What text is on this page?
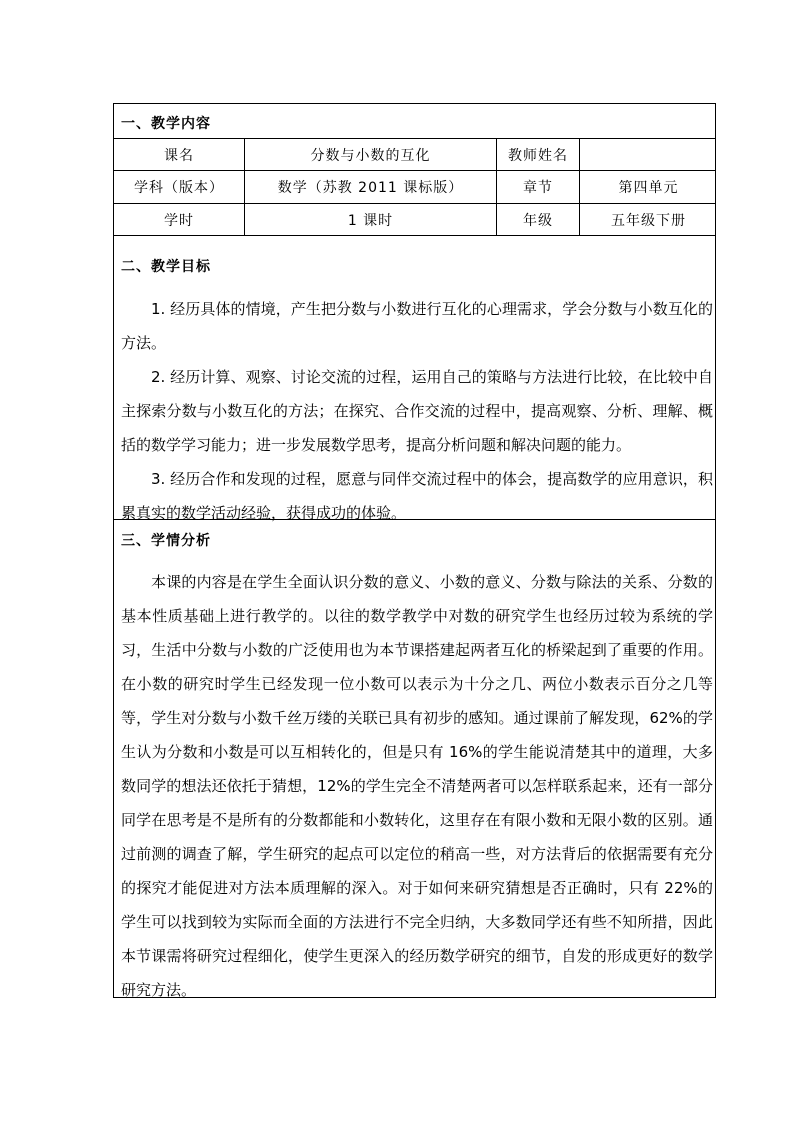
一、教学内容
课名	分数与小数的互化	教师姓名
学科（版本）	数学（苏教 2011 课标版）	章节	第四单元
学时	1 课时	年级	五年级下册
二、教学目标

1. 经历具体的情境，产生把分数与小数进行互化的心理需求，学会分数与小数互化的方法。

2. 经历计算、观察、讨论交流的过程，运用自己的策略与方法进行比较，在比较中自主探索分数与小数互化的方法；在探究、合作交流的过程中，提高观察、分析、理解、概括的数学学习能力；进一步发展数学思考，提高分析问题和解决问题的能力。

3. 经历合作和发现的过程，愿意与同伴交流过程中的体会，提高数学的应用意识，积累真实的数学活动经验，获得成功的体验。

三、学情分析

本课的内容是在学生全面认识分数的意义、小数的意义、分数与除法的关系、分数的基本性质基础上进行教学的。以往的数学教学中对数的研究学生也经历过较为系统的学习，生活中分数与小数的广泛使用也为本节课搭建起两者互化的桥梁起到了重要的作用。在小数的研究时学生已经发现一位小数可以表示为十分之几、两位小数表示百分之几等等，学生对分数与小数千丝万缕的关联已具有初步的感知。通过课前了解发现，62%的学生认为分数和小数是可以互相转化的，但是只有 16%的学生能说清楚其中的道理，大多数同学的想法还依托于猜想，12%的学生完全不清楚两者可以怎样联系起来，还有一部分同学在思考是不是所有的分数都能和小数转化，这里存在有限小数和无限小数的区别。通过前测的调查了解，学生研究的起点可以定位的稍高一些，对方法背后的依据需要有充分的探究才能促进对方法本质理解的深入。对于如何来研究猜想是否正确时，只有 22%的学生可以找到较为实际而全面的方法进行不完全归纳，大多数同学还有些不知所措，因此本节课需将研究过程细化，使学生更深入的经历数学研究的细节，自发的形成更好的数学研究方法。
